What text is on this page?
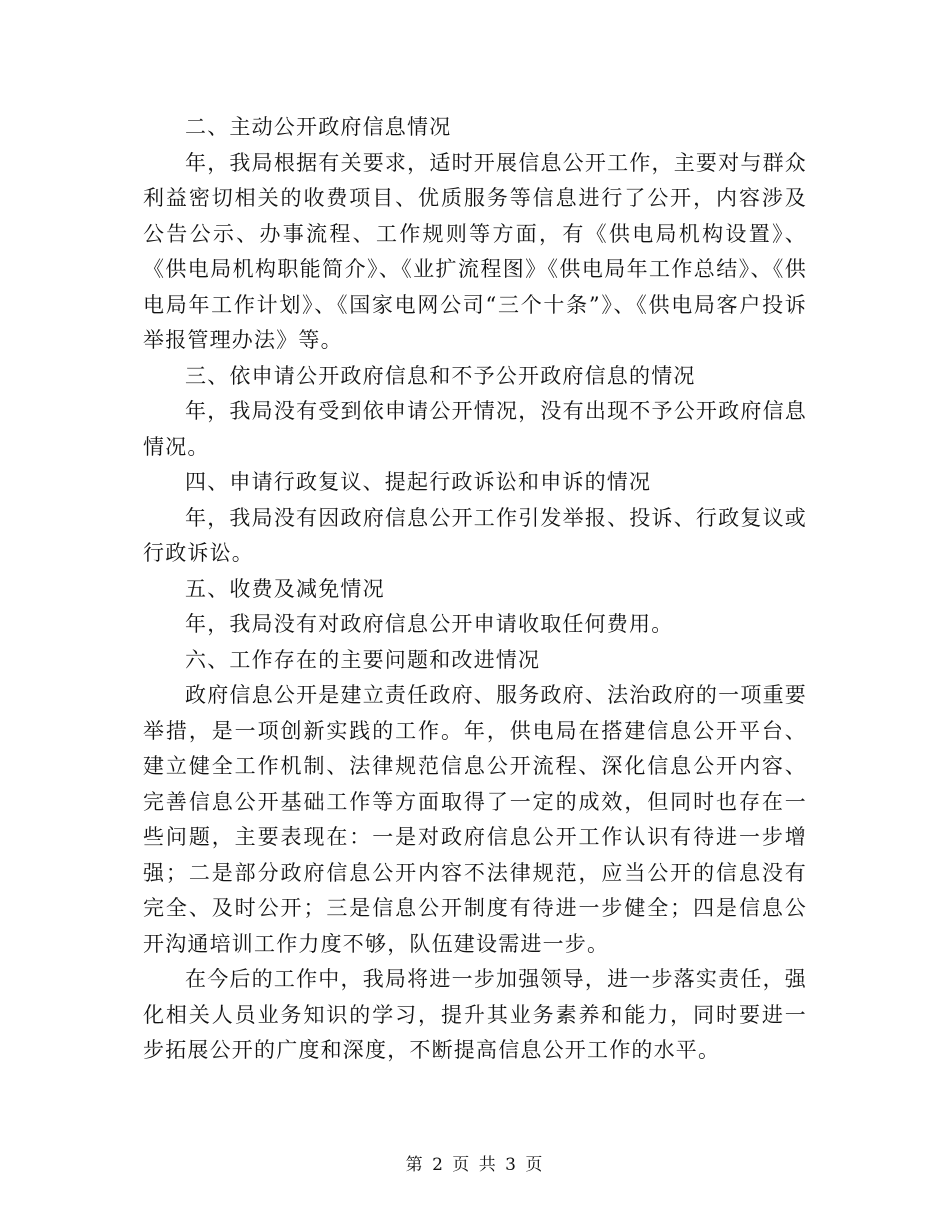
二、主动公开政府信息情况

年，我局根据有关要求，适时开展信息公开工作，主要对与群众利益密切相关的收费项目、优质服务等信息进行了公开，内容涉及公告公示、办事流程、工作规则等方面，有《供电局机构设置》、《供电局机构职能简介》、《业扩流程图》《供电局年工作总结》、《供电局年工作计划》、《国家电网公司“三个十条”》、《供电局客户投诉举报管理办法》等。

三、依申请公开政府信息和不予公开政府信息的情况

年，我局没有受到依申请公开情况，没有出现不予公开政府信息情况。

四、申请行政复议、提起行政诉讼和申诉的情况

年，我局没有因政府信息公开工作引发举报、投诉、行政复议或行政诉讼。

五、收费及减免情况

年，我局没有对政府信息公开申请收取任何费用。

六、工作存在的主要问题和改进情况

政府信息公开是建立责任政府、服务政府、法治政府的一项重要举措，是一项创新实践的工作。年，供电局在搭建信息公开平台、建立健全工作机制、法律规范信息公开流程、深化信息公开内容、完善信息公开基础工作等方面取得了一定的成效，但同时也存在一些问题，主要表现在：一是对政府信息公开工作认识有待进一步增强；二是部分政府信息公开内容不法律规范，应当公开的信息没有完全、及时公开；三是信息公开制度有待进一步健全；四是信息公开沟通培训工作力度不够，队伍建设需进一步。

在今后的工作中，我局将进一步加强领导，进一步落实责任，强化相关人员业务知识的学习，提升其业务素养和能力，同时要进一步拓展公开的广度和深度，不断提高信息公开工作的水平。

第 2 页 共 3 页
